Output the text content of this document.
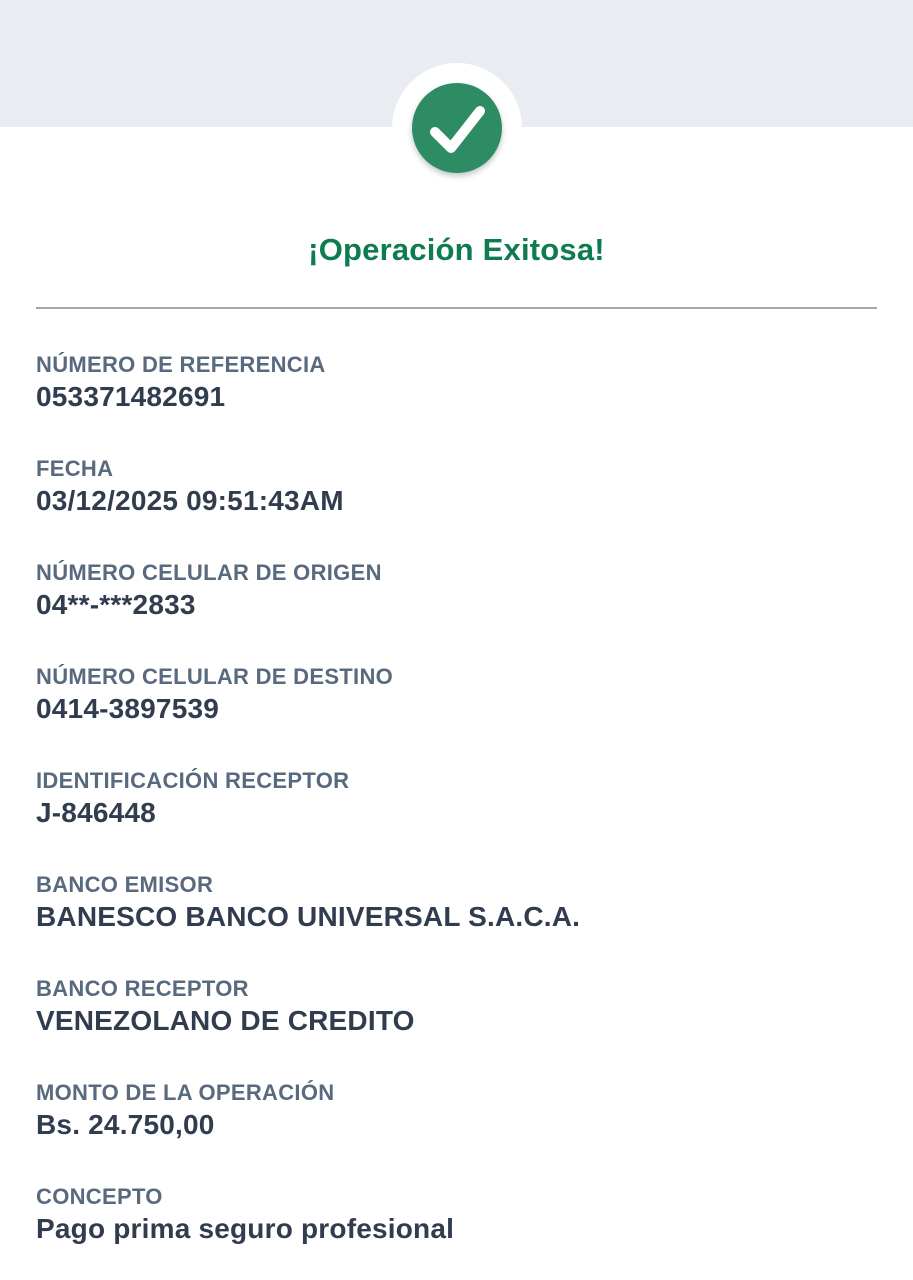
¡Operación Exitosa!
NÚMERO DE REFERENCIA
053371482691
FECHA
03/12/2025 09:51:43AM
NÚMERO CELULAR DE ORIGEN
04**-***2833
NÚMERO CELULAR DE DESTINO
0414-3897539
IDENTIFICACIÓN RECEPTOR
J-846448
BANCO EMISOR
BANESCO BANCO UNIVERSAL S.A.C.A.
BANCO RECEPTOR
VENEZOLANO DE CREDITO
MONTO DE LA OPERACIÓN
Bs. 24.750,00
CONCEPTO
Pago prima seguro profesional
